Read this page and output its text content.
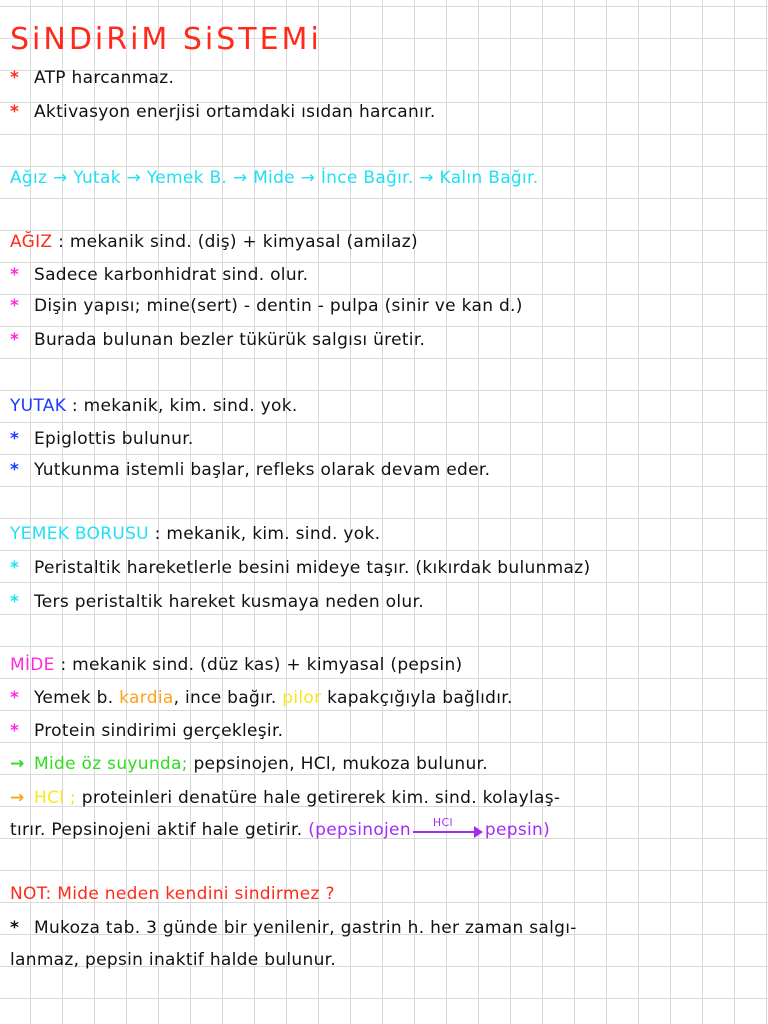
SiNDiRiM SiSTEMi
* ATP harcanmaz.
* Aktivasyon enerjisi ortamdaki ısıdan harcanır.
Ağız → Yutak → Yemek B. → Mide → İnce Bağır. → Kalın Bağır.
AĞIZ : mekanik sind. (diş) + kimyasal (amilaz)
* Sadece karbonhidrat sind. olur.
* Dişin yapısı; mine(sert) - dentin - pulpa (sinir ve kan d.)
* Burada bulunan bezler tükürük salgısı üretir.
YUTAK : mekanik, kim. sind. yok.
* Epiglottis bulunur.
* Yutkunma istemli başlar, refleks olarak devam eder.
YEMEK BORUSU : mekanik, kim. sind. yok.
* Peristaltik hareketlerle besini mideye taşır. (kıkırdak bulunmaz)
* Ters peristaltik hareket kusmaya neden olur.
MİDE : mekanik sind. (düz kas) + kimyasal (pepsin)
* Yemek b. kardia, ince bağır. pilor kapakçığıyla bağlıdır.
* Protein sindirimi gerçekleşir.
→ Mide öz suyunda; pepsinojen, HCl, mukoza bulunur.
→ HCl ; proteinleri denatüre hale getirerek kim. sind. kolaylaş-
tırır. Pepsinojeni aktif hale getirir. (pepsinojen HCl pepsin)
NOT: Mide neden kendini sindirmez ?
* Mukoza tab. 3 günde bir yenilenir, gastrin h. her zaman salgı-
lanmaz, pepsin inaktif halde bulunur.
